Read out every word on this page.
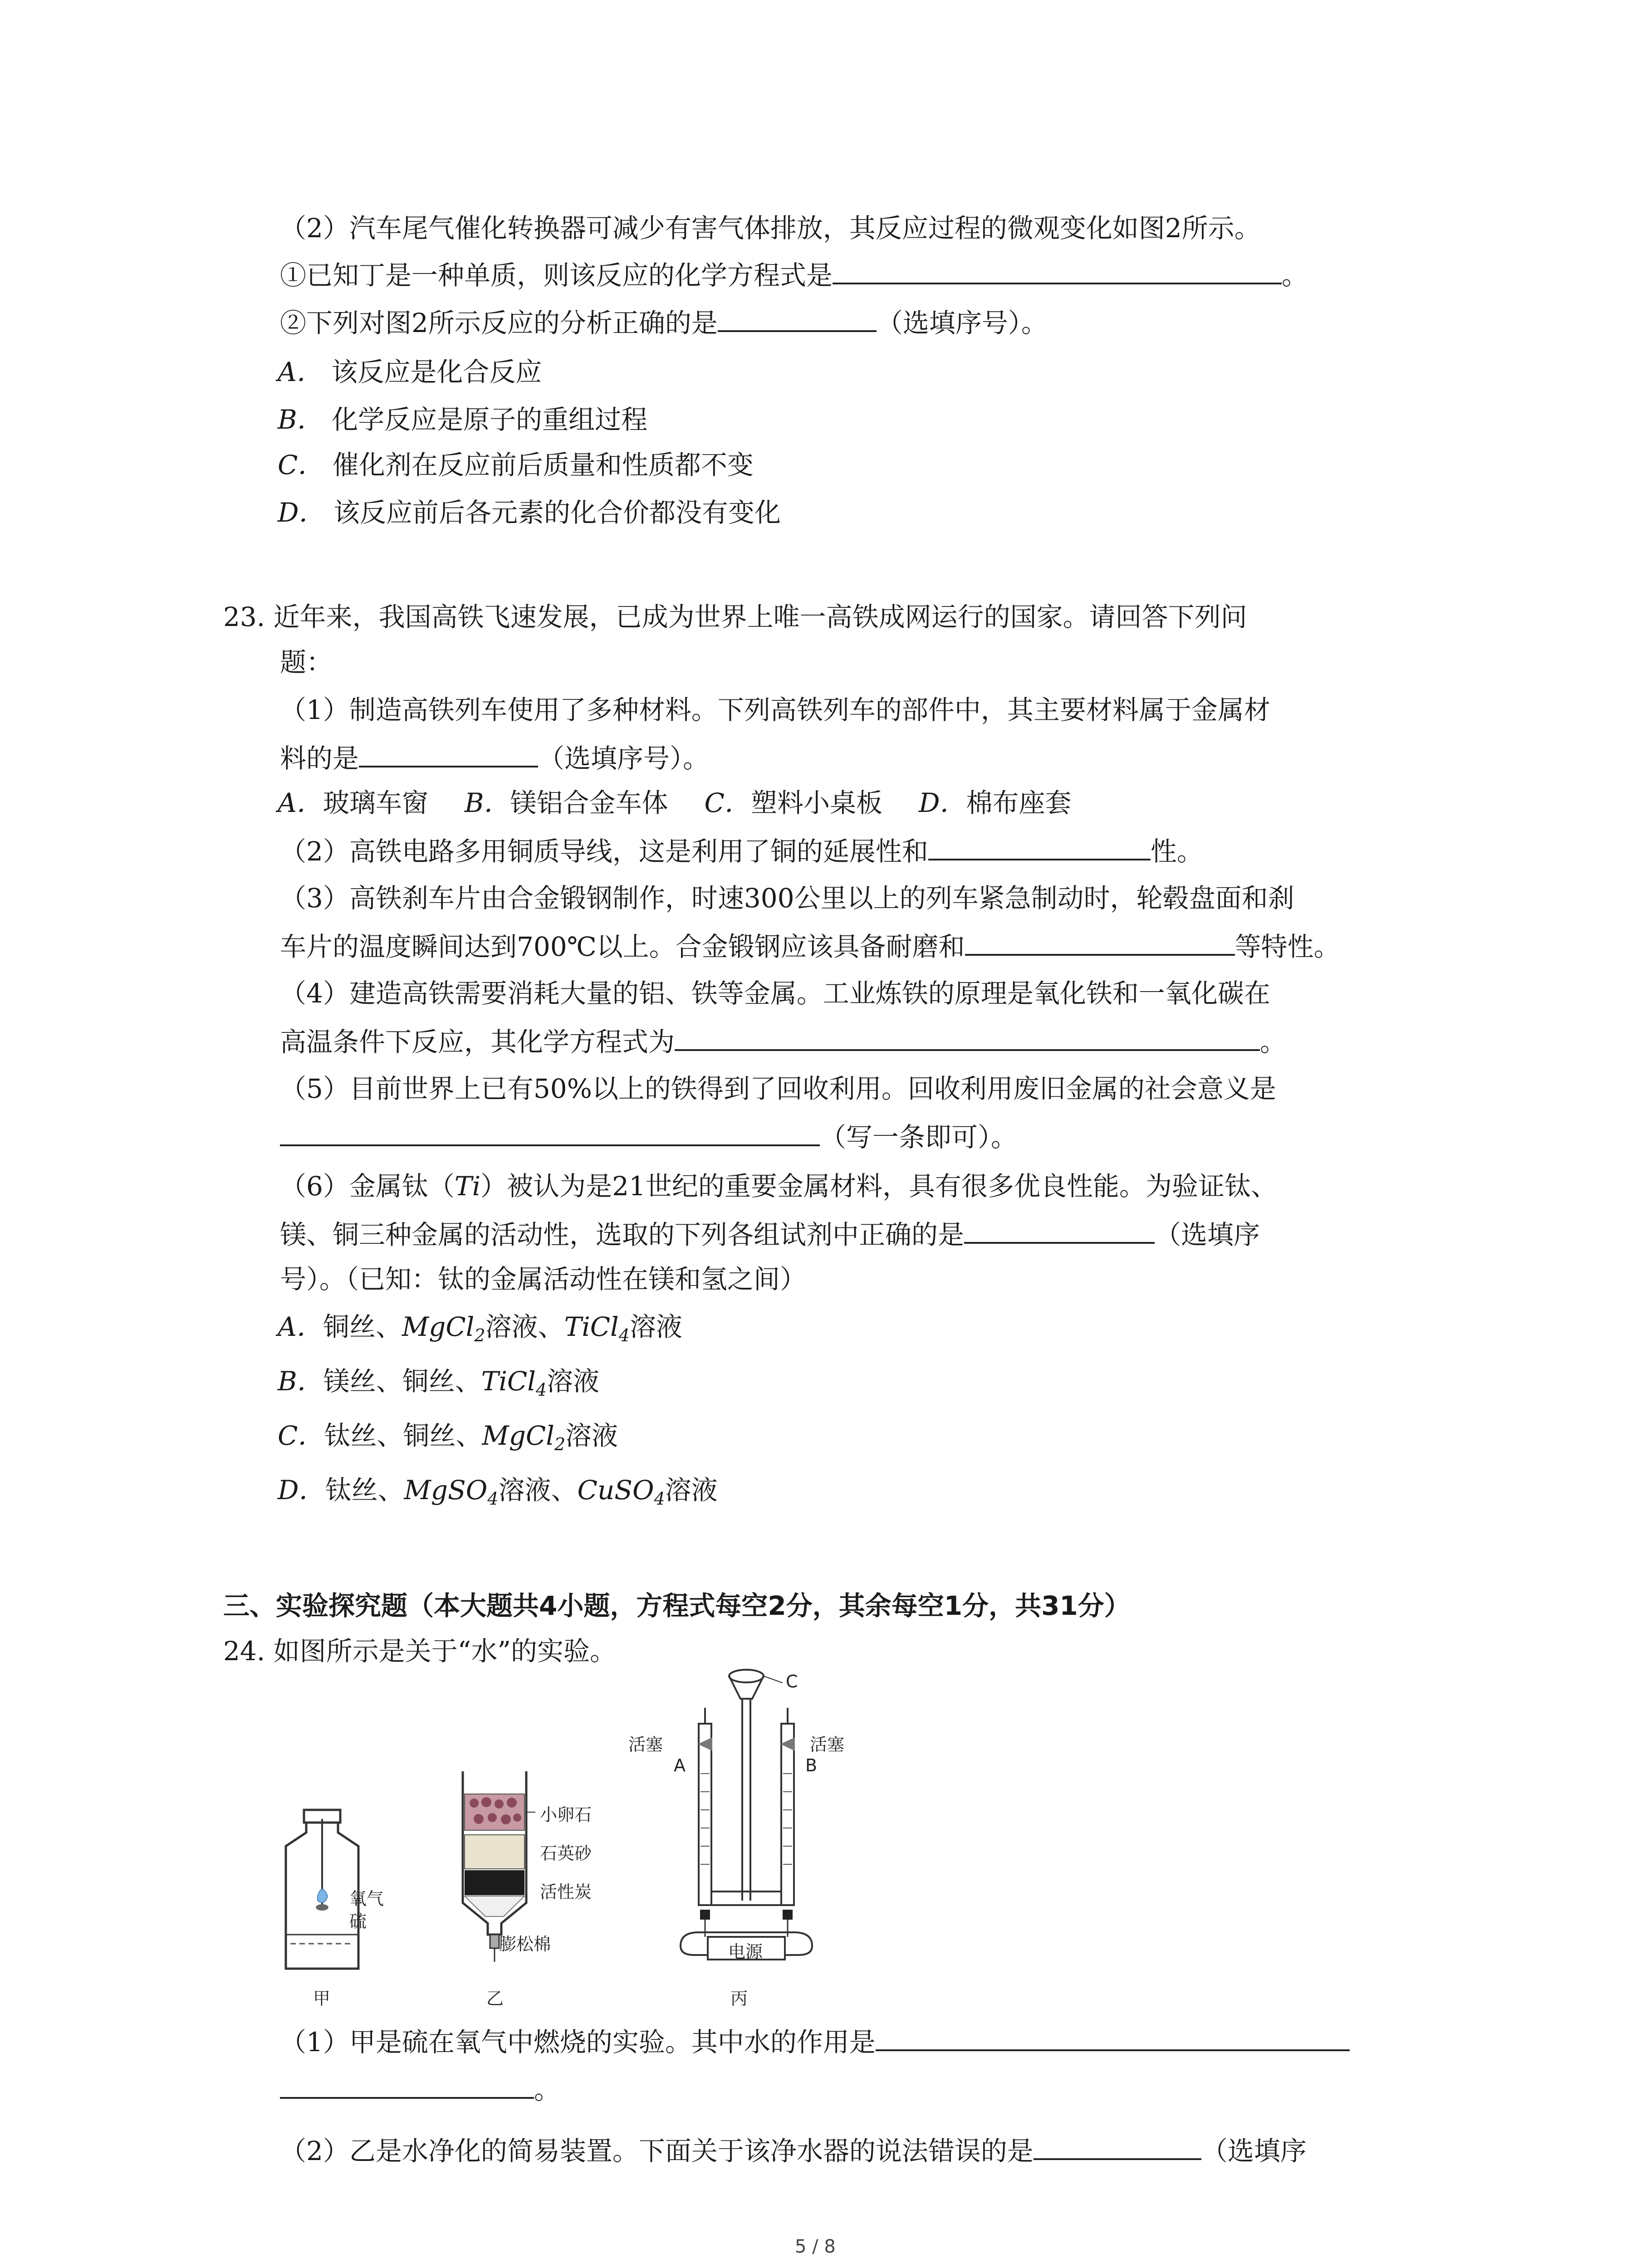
（2）汽车尾气催化转换器可减少有害气体排放，其反应过程的微观变化如图2所示。
①已知丁是一种单质，则该反应的化学方程式是	。
②下列对图2所示反应的分析正确的是	（选填序号）。
A． 该反应是化合反应
B． 化学反应是原子的重组过程
C． 催化剂在反应前后质量和性质都不变
D． 该反应前后各元素的化合价都没有变化
23. 近年来，我国高铁飞速发展，已成为世界上唯一高铁成网运行的国家。请回答下列问
题：
（1）制造高铁列车使用了多种材料。下列高铁列车的部件中，其主要材料属于金属材
料的是	（选填序号）。
A．玻璃车窗 B．镁铝合金车体 C．塑料小桌板 D．棉布座套
（2）高铁电路多用铜质导线，这是利用了铜的延展性和	性。
（3）高铁刹车片由合金锻钢制作，时速300公里以上的列车紧急制动时，轮毂盘面和刹
车片的温度瞬间达到700℃以上。合金锻钢应该具备耐磨和	等特性。
（4）建造高铁需要消耗大量的铝、铁等金属。工业炼铁的原理是氧化铁和一氧化碳在
高温条件下反应，其化学方程式为	。
（5）目前世界上已有50%以上的铁得到了回收利用。回收利用废旧金属的社会意义是
（写一条即可）。
（6）金属钛（Ti）被认为是21世纪的重要金属材料，具有很多优良性能。为验证钛、
镁、铜三种金属的活动性，选取的下列各组试剂中正确的是	（选填序
号）。（已知：钛的金属活动性在镁和氢之间）
A．铜丝、MgCl$_2$溶液、TiCl$_4$溶液
B．镁丝、铜丝、TiCl$_4$溶液
C．钛丝、铜丝、MgCl$_2$溶液
D．钛丝、MgSO$_4$溶液、CuSO$_4$溶液
三、实验探究题（本大题共4小题，方程式每空2分，其余每空1分，共31分）
24. 如图所示是关于“水”的实验。
氧气
硫
甲
小卵石
石英砂
活性炭
膨松棉
乙
C
活塞	活塞
A	B
电源
丙
（1）甲是硫在氧气中燃烧的实验。其中水的作用是
。
（2）乙是水净化的简易装置。下面关于该净水器的说法错误的是	（选填序
5 / 8
